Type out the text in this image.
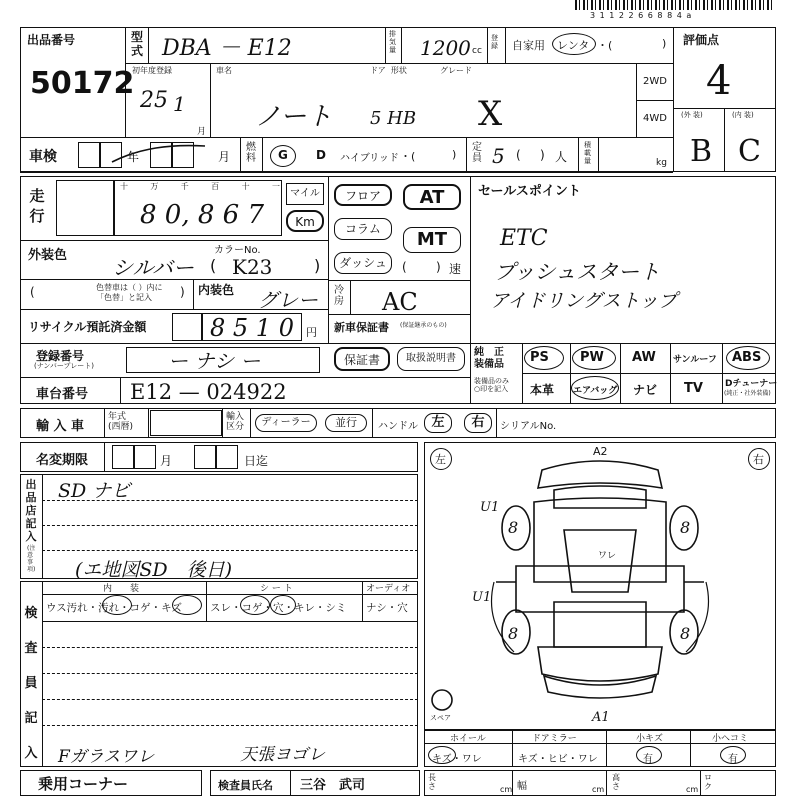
3 1 1 2 2 6 6 8 8 4 a
出品番号
50172
型
式 DBA － E12
排
気
量 1200 cc
登
録 自家用 レンタ ・(	) 評価点
4
初年度登録
25 1
月
車名
ノート
ドア 形状
5 HB
グレード
X
2WD
4WD (外 装)	(内 装)
B C
車検	年	月
燃
料 G D ハイブリッド ・(	)
定
員 5 ( ) 人
積
載
量	kg
走
行
十	万	千	百	十	一
8 0, 8 6 7
マイル
Km
フロア
コラム
ダッシュ
AT
MT
( ) 速
セールスポイント
ETC
プッシュスタート
アイドリングストップ
外装色	カラーNo.
シルバー ( K23	)
(	色替車は（ ）内に
「色替」と記入	) 内装色 グレー 冷
房 AC
リサイクル預託済金額	8 5 1 0 円 新車保証書 (保証継承のもの)
登録番号
(ナンバープレート)	ー ナシ ー	保証書	取扱説明書
純　正
装備品
装備品のみ
○印を記入
PS PW AW サンルーフ ABS
本革 エアバッグ ナビ TV Dチューナー
(純正・社外装備)
車台番号 E12 — 024922
輸 入 車
年式
(西暦)
輸入
区分	ディーラー	並行	ハンドル	左	右	シリアルNo.
名変期限	月	日迄
出
品
店
記
入
(注意事項)
SD ナビ
(エ地図SD　後日)
検
査
員
記
入
内　　装	シ ー ト	オーディオ
ウス汚れ・汚れ・コゲ・キズ	スレ・コゲ・穴・キレ・シミ ナシ・穴
Fガラスワレ	天張ヨゴレ
左	右
A2
ワレ
U1
U1
A1
8	8
8	8
スペア
ホイール	ドアミラー	小キズ	小ヘコミ
キズ・ワレ	キズ・ヒビ・ワレ	有	有
乗用コーナー	検査員氏名 三谷　武司
長
さ	cm 幅	cm
高
さ	cm
ロ
ク
